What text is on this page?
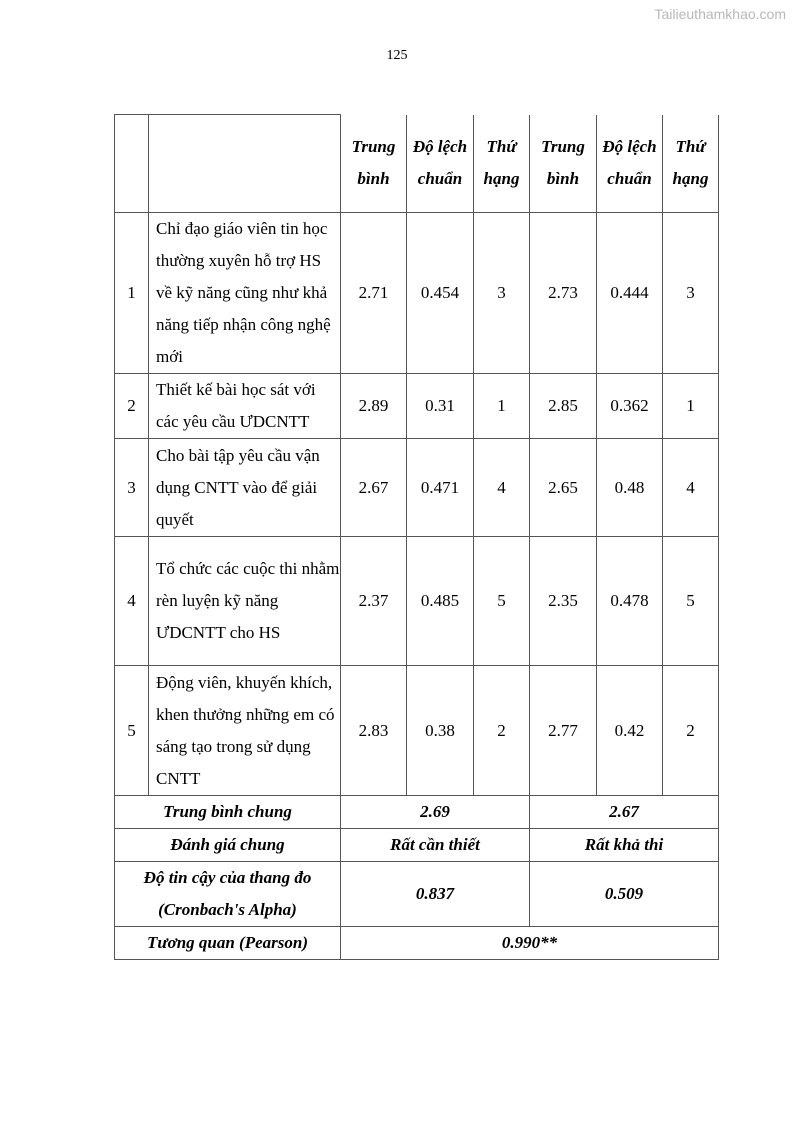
Tailieuthamkhao.com
125
		Trung bình	Độ lệch chuẩn	Thứ hạng	Trung bình	Độ lệch chuẩn	Thứ hạng
1	Chỉ đạo giáo viên tin học thường xuyên hỗ trợ HS về kỹ năng cũng như khả năng tiếp nhận công nghệ mới	2.71	0.454	3	2.73	0.444	3
2	Thiết kế bài học sát với các yêu cầu ƯDCNTT	2.89	0.31	1	2.85	0.362	1
3	Cho bài tập yêu cầu vận dụng CNTT vào để giải quyết	2.67	0.471	4	2.65	0.48	4
4	Tổ chức các cuộc thi nhằm rèn luyện kỹ năng ƯDCNTT cho HS	2.37	0.485	5	2.35	0.478	5
5	Động viên, khuyến khích, khen thưởng những em có sáng tạo trong sử dụng CNTT	2.83	0.38	2	2.77	0.42	2
Trung bình chung		2.69			2.67		
Đánh giá chung		Rất cần thiết			Rất khả thi		
Độ tin cậy của thang đo (Cronbach's Alpha)		0.837			0.509		
Tương quan (Pearson)		0.990**					
